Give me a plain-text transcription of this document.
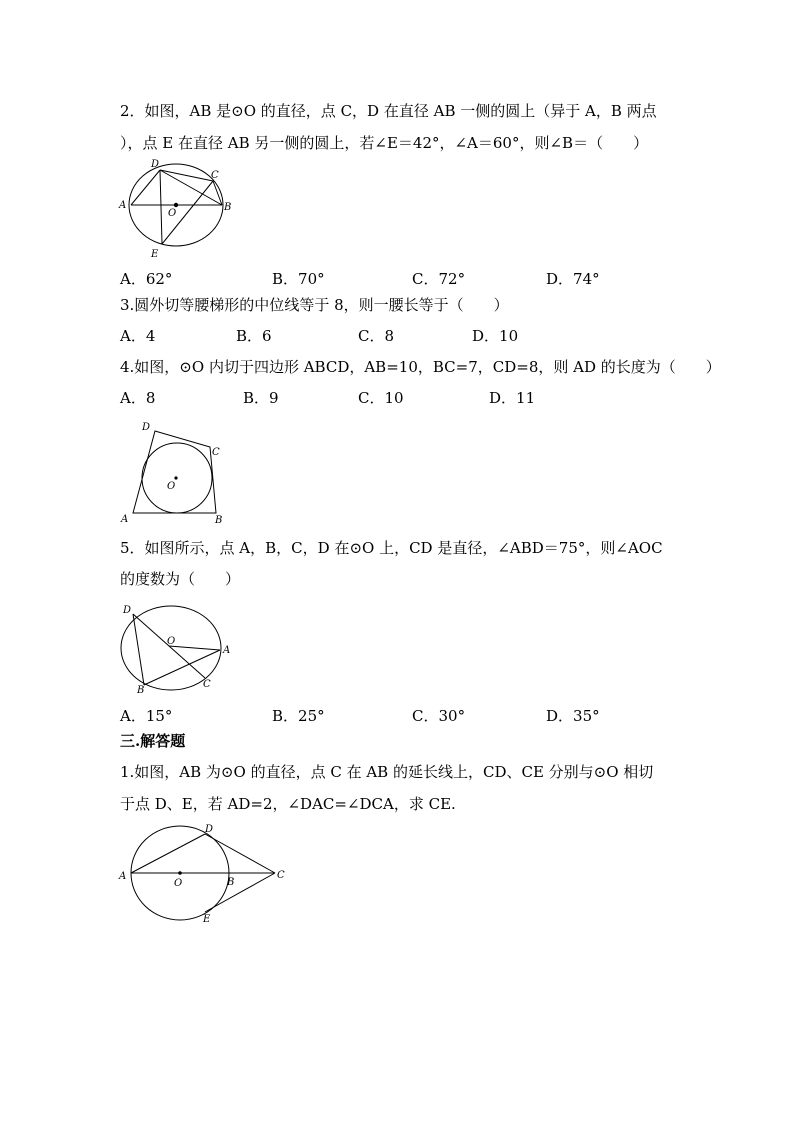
2．如图，AB 是⊙O 的直径，点 C，D 在直径 AB 一侧的圆上（异于 A，B 两点
），点 E 在直径 AB 另一侧的圆上，若∠E＝42°，∠A＝60°，则∠B＝（　　）
D
C
A	B
O
E
A．62°	B．70°	C．72°	D．74°
3.圆外切等腰梯形的中位线等于 8，则一腰长等于（　　）
A．4	B．6	C．8	D．10
4.如图，⊙O 内切于四边形 ABCD，AB=10，BC=7，CD=8，则 AD 的长度为（　　）
A．8	B．9	C．10	D．11
D
C
O
A	B
5．如图所示，点 A，B，C，D 在⊙O 上，CD 是直径，∠ABD＝75°，则∠AOC
的度数为（　　）
D
O
A
C
B
A．15°	B．25°	C．30°	D．35°
三.解答题
1.如图，AB 为⊙O 的直径，点 C 在 AB 的延长线上，CD、CE 分别与⊙O 相切
于点 D、E，若 AD=2，∠DAC=∠DCA，求 CE.
D
A
O	B
C
E
